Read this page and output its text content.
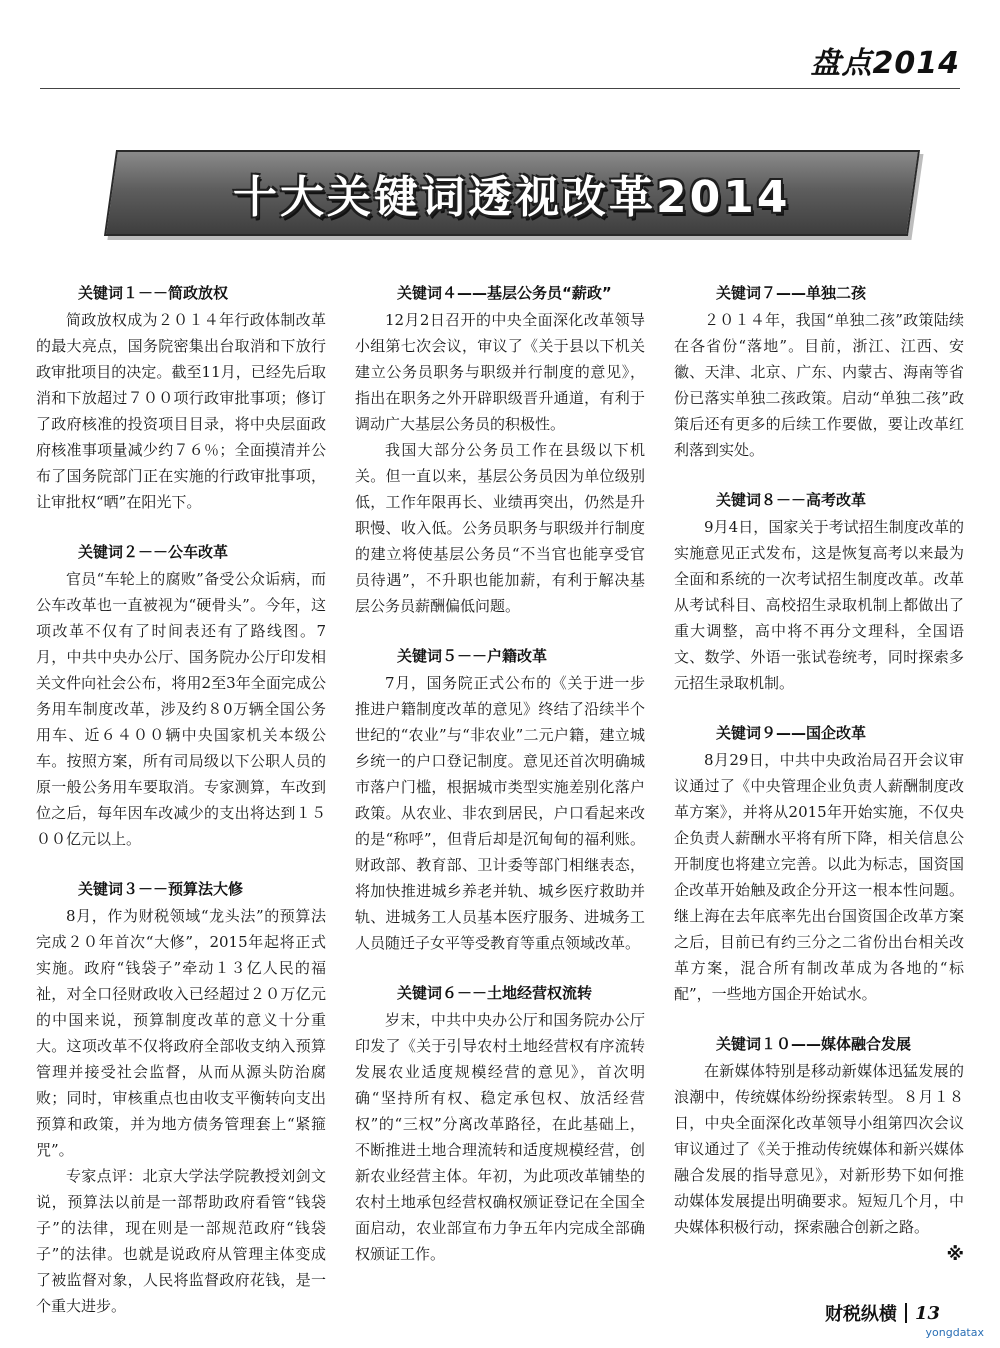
盘点2014
十大关键词透视改革2014
关键词１－－简政放权

简政放权成为２０１４年行政体制改革的最大亮点，国务院密集出台取消和下放行政审批项目的决定。截至11月，已经先后取消和下放超过７００项行政审批事项；修订了政府核准的投资项目目录，将中央层面政府核准事项量减少约７６％；全面摸清并公布了国务院部门正在实施的行政审批事项，让审批权“晒”在阳光下。

关键词２－－公车改革

官员“车轮上的腐败”备受公众诟病，而公车改革也一直被视为“硬骨头”。今年，这项改革不仅有了时间表还有了路线图。7月，中共中央办公厅、国务院办公厅印发相关文件向社会公布，将用2至3年全面完成公务用车制度改革，涉及约８0万辆全国公务用车、近６４００辆中央国家机关本级公车。按照方案，所有司局级以下公职人员的原一般公务用车要取消。专家测算，车改到位之后，每年因车改减少的支出将达到１５００亿元以上。

关键词３－－预算法大修

8月，作为财税领域“龙头法”的预算法完成２０年首次“大修”，2015年起将正式实施。政府“钱袋子”牵动１３亿人民的福祉，对全口径财政收入已经超过２０万亿元的中国来说，预算制度改革的意义十分重大。这项改革不仅将政府全部收支纳入预算管理并接受社会监督，从而从源头防治腐败；同时，审核重点也由收支平衡转向支出预算和政策，并为地方债务管理套上“紧箍咒”。

专家点评：北京大学法学院教授刘剑文说，预算法以前是一部帮助政府看管“钱袋子”的法律，现在则是一部规范政府“钱袋子”的法律。也就是说政府从管理主体变成了被监督对象，人民将监督政府花钱，是一个重大进步。

关键词４——基层公务员“薪政”

12月2日召开的中央全面深化改革领导小组第七次会议，审议了《关于县以下机关建立公务员职务与职级并行制度的意见》，指出在职务之外开辟职级晋升通道，有利于调动广大基层公务员的积极性。

我国大部分公务员工作在县级以下机关。但一直以来，基层公务员因为单位级别低，工作年限再长、业绩再突出，仍然是升职慢、收入低。公务员职务与职级并行制度的建立将使基层公务员“不当官也能享受官员待遇”，不升职也能加薪，有利于解决基层公务员薪酬偏低问题。

关键词５－－户籍改革

7月，国务院正式公布的《关于进一步推进户籍制度改革的意见》终结了沿续半个世纪的“农业”与“非农业”二元户籍，建立城乡统一的户口登记制度。意见还首次明确城市落户门槛，根据城市类型实施差别化落户政策。从农业、非农到居民，户口看起来改的是“称呼”，但背后却是沉甸甸的福利账。财政部、教育部、卫计委等部门相继表态，将加快推进城乡养老并轨、城乡医疗救助并轨、进城务工人员基本医疗服务、进城务工人员随迁子女平等受教育等重点领域改革。

关键词６－－土地经营权流转

岁末，中共中央办公厅和国务院办公厅印发了《关于引导农村土地经营权有序流转发展农业适度规模经营的意见》，首次明确“坚持所有权、稳定承包权、放活经营权”的“三权”分离改革路径，在此基础上，不断推进土地合理流转和适度规模经营，创新农业经营主体。年初，为此项改革铺垫的农村土地承包经营权确权颁证登记在全国全面启动，农业部宣布力争五年内完成全部确权颁证工作。

关键词７——单独二孩

２０１４年，我国“单独二孩”政策陆续在各省份“落地”。目前，浙江、江西、安徽、天津、北京、广东、内蒙古、海南等省份已落实单独二孩政策。启动“单独二孩”政策后还有更多的后续工作要做，要让改革红利落到实处。

关键词８－－高考改革

9月4日，国家关于考试招生制度改革的实施意见正式发布，这是恢复高考以来最为全面和系统的一次考试招生制度改革。改革从考试科目、高校招生录取机制上都做出了重大调整，高中将不再分文理科，全国语文、数学、外语一张试卷统考，同时探索多元招生录取机制。

关键词９——国企改革

8月29日，中共中央政治局召开会议审议通过了《中央管理企业负责人薪酬制度改革方案》，并将从2015年开始实施，不仅央企负责人薪酬水平将有所下降，相关信息公开制度也将建立完善。以此为标志，国资国企改革开始触及政企分开这一根本性问题。继上海在去年底率先出台国资国企改革方案之后，目前已有约三分之二省份出台相关改革方案，混合所有制改革成为各地的“标配”，一些地方国企开始试水。

关键词１０——媒体融合发展

在新媒体特别是移动新媒体迅猛发展的浪潮中，传统媒体纷纷探索转型。８月１８日，中央全面深化改革领导小组第四次会议审议通过了《关于推动传统媒体和新兴媒体融合发展的指导意见》，对新形势下如何推动媒体发展提出明确要求。短短几个月，中央媒体积极行动，探索融合创新之路。

※
财税纵横 13
yongdatax
